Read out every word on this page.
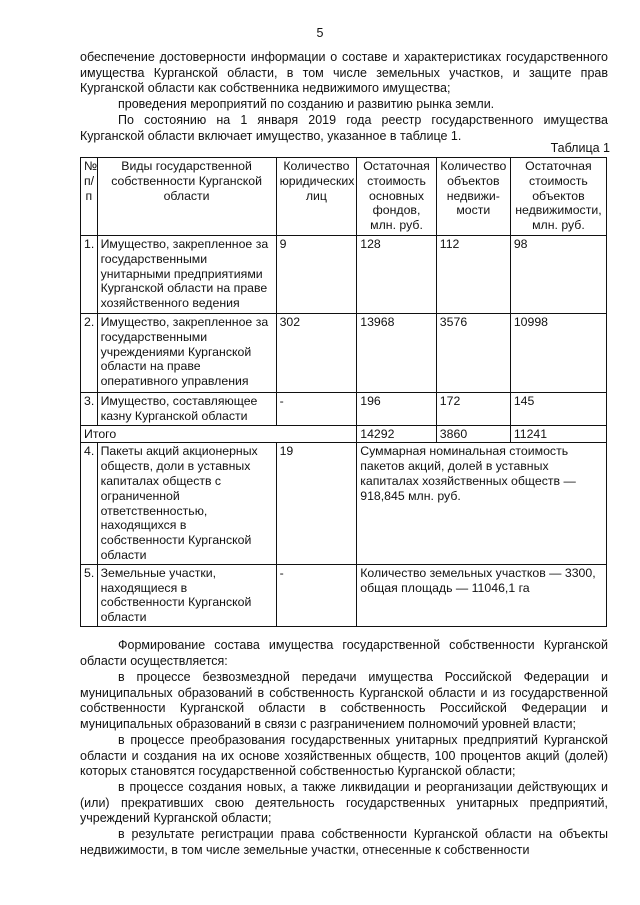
5

обеспечение достоверности информации о составе и характеристиках государственного имущества Курганской области, в том числе земельных участков, и защите прав Курганской области как собственника недвижимого имущества;

проведения мероприятий по созданию и развитию рынка земли.

По состоянию на 1 января 2019 года реестр государственного имущества Курганской области включает имущество, указанное в таблице 1.

Таблица 1
№ п/п	Виды государственной собственности Курганской области	Количество юридических лиц	Остаточная стоимость основных фондов, млн. руб.	Количество объектов недвижи-мости	Остаточная стоимость объектов недвижимости, млн. руб.
1.	Имущество, закрепленное за государственными унитарными предприятиями Курганской области на праве хозяйственного ведения	9	128	112	98
2.	Имущество, закрепленное за государственными учреждениями Курганской области на праве оперативного управления	302	13968	3576	10998
3.	Имущество, составляющее казну Курганской области	-	196	172	145
Итого			14292	3860	11241
4.	Пакеты акций акционерных обществ, доли в уставных капиталах обществ с ограниченной ответственностью, находящихся в собственности Курганской области	19	Суммарная номинальная стоимость пакетов акций, долей в уставных капиталах хозяйственных обществ — 918,845 млн. руб.		
5.	Земельные участки, находящиеся в собственности Курганской области	-	Количество земельных участков — 3300, общая площадь — 11046,1 га		

Формирование состава имущества государственной собственности Курганской области осуществляется:

в процессе безвозмездной передачи имущества Российской Федерации и муниципальных образований в собственность Курганской области и из государственной собственности Курганской области в собственность Российской Федерации и муниципальных образований в связи с разграничением полномочий уровней власти;

в процессе преобразования государственных унитарных предприятий Курганской области и создания на их основе хозяйственных обществ, 100 процентов акций (долей) которых становятся государственной собственностью Курганской области;

в процессе создания новых, а также ликвидации и реорганизации действующих и (или) прекративших свою деятельность государственных унитарных предприятий, учреждений Курганской области;

в результате регистрации права собственности Курганской области на объекты недвижимости, в том числе земельные участки, отнесенные к собственности
